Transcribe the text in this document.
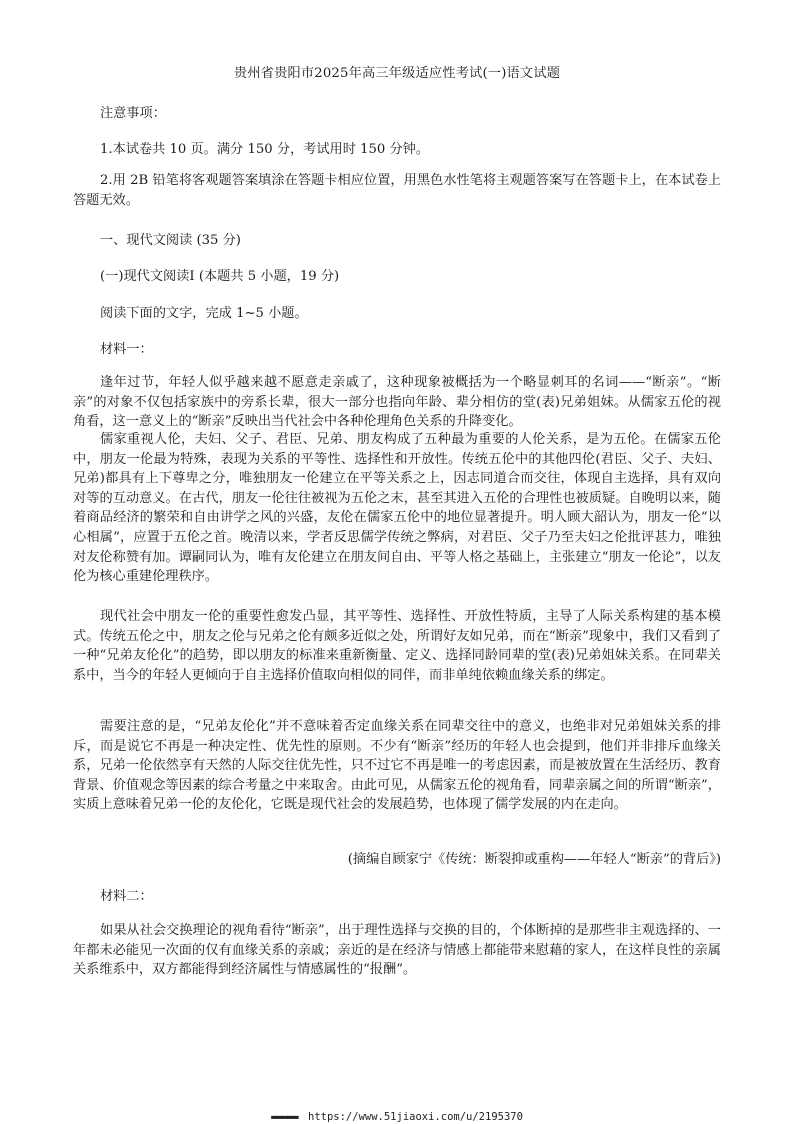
贵州省贵阳市2025年高三年级适应性考试(一)语文试题
注意事项：
1.本试卷共 10 页。满分 150 分，考试用时 150 分钟。

2.用 2B 铅笔将客观题答案填涂在答题卡相应位置，用黑色水性笔将主观题答案写在答题卡上，在本试卷上答题无效。

一、现代文阅读 (35 分)
(一)现代文阅读Ⅰ (本题共 5 小题，19 分)
阅读下面的文字，完成 1~5 小题。
材料一：

逢年过节，年轻人似乎越来越不愿意走亲戚了，这种现象被概括为一个略显刺耳的名词——“断亲”。“断亲”的对象不仅包括家族中的旁系长辈，很大一部分也指向年龄、辈分相仿的堂(表)兄弟姐妹。从儒家五伦的视角看，这一意义上的“断亲”反映出当代社会中各种伦理角色关系的升降变化。

儒家重视人伦，夫妇、父子、君臣、兄弟、朋友构成了五种最为重要的人伦关系，是为五伦。在儒家五伦中，朋友一伦最为特殊，表现为关系的平等性、选择性和开放性。传统五伦中的其他四伦(君臣、父子、夫妇、兄弟)都具有上下尊卑之分，唯独朋友一伦建立在平等关系之上，因志同道合而交往，体现自主选择，具有双向对等的互动意义。在古代，朋友一伦往往被视为五伦之末，甚至其进入五伦的合理性也被质疑。自晚明以来，随着商品经济的繁荣和自由讲学之风的兴盛，友伦在儒家五伦中的地位显著提升。明人顾大韶认为，朋友一伦“以心相属”，应置于五伦之首。晚清以来，学者反思儒学传统之弊病，对君臣、父子乃至夫妇之伦批评甚力，唯独对友伦称赞有加。谭嗣同认为，唯有友伦建立在朋友间自由、平等人格之基础上，主张建立“朋友一伦论”，以友伦为核心重建伦理秩序。

现代社会中朋友一伦的重要性愈发凸显，其平等性、选择性、开放性特质，主导了人际关系构建的基本模式。传统五伦之中，朋友之伦与兄弟之伦有颇多近似之处，所谓好友如兄弟，而在“断亲”现象中，我们又看到了一种“兄弟友伦化”的趋势，即以朋友的标准来重新衡量、定义、选择同龄同辈的堂(表)兄弟姐妹关系。在同辈关系中，当今的年轻人更倾向于自主选择价值取向相似的同伴，而非单纯依赖血缘关系的绑定。

需要注意的是，“兄弟友伦化”并不意味着否定血缘关系在同辈交往中的意义，也绝非对兄弟姐妹关系的排斥，而是说它不再是一种决定性、优先性的原则。不少有“断亲”经历的年轻人也会提到，他们并非排斥血缘关系，兄弟一伦依然享有天然的人际交往优先性，只不过它不再是唯一的考虑因素，而是被放置在生活经历、教育背景、价值观念等因素的综合考量之中来取舍。由此可见，从儒家五伦的视角看，同辈亲属之间的所谓“断亲”，实质上意味着兄弟一伦的友伦化，它既是现代社会的发展趋势，也体现了儒学发展的内在走向。

(摘编自顾家宁《传统：断裂抑或重构——年轻人“断亲”的背后》)
材料二：

如果从社会交换理论的视角看待“断亲”，出于理性选择与交换的目的，个体断掉的是那些非主观选择的、一年都未必能见一次面的仅有血缘关系的亲戚；亲近的是在经济与情感上都能带来慰藉的家人，在这样良性的亲属关系维系中，双方都能得到经济属性与情感属性的“报酬”。

▬▬▬▬▬ https://www.51jiaoxi.com/u/2195370
